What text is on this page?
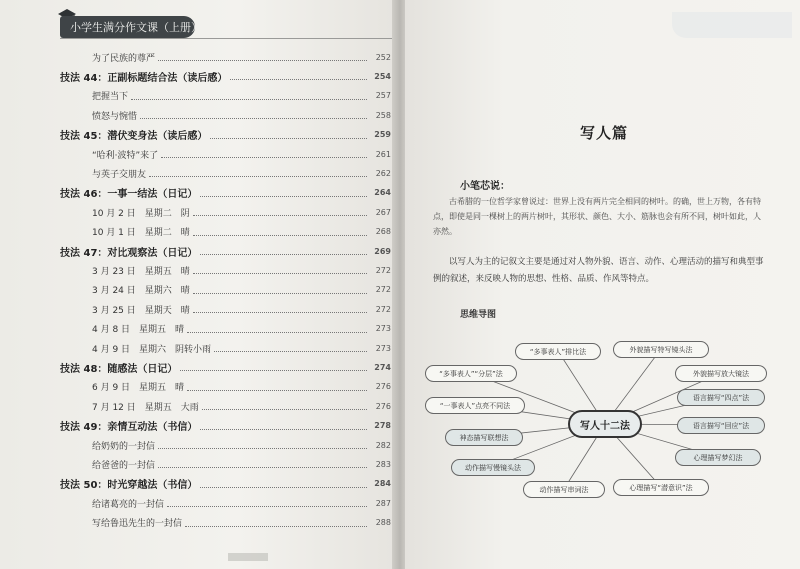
小学生满分作文课（上册）
为了民族的尊严	252
技法 44：正副标题结合法（读后感）	254
把握当下	257
愤怒与惋惜	258
技法 45：潜伏变身法（读后感）	259
“哈利·波特”来了	261
与英子交朋友	262
技法 46：一事一结法（日记）	264
10 月 2 日　星期二　阴	267
10 月 1 日　星期二　晴	268
技法 47：对比观察法（日记）	269
3 月 23 日　星期五　晴	272
3 月 24 日　星期六　晴	272
3 月 25 日　星期天　晴	272
4 月 8 日　星期五　晴	273
4 月 9 日　星期六　阴转小雨	273
技法 48：随感法（日记）	274
6 月 9 日　星期五　晴	276
7 月 12 日　星期五　大雨	276
技法 49：亲情互动法（书信）	278
给奶奶的一封信	282
给爸爸的一封信	283
技法 50：时光穿越法（书信）	284
给诸葛亮的一封信	287
写给鲁迅先生的一封信	288
写人篇
小笔芯说：
古希腊的一位哲学家曾说过：世界上没有两片完全相同的树叶。的确，世上万物，各有特点，即使是同一棵树上的两片树叶，其形状、颜色、大小、筋脉也会有所不同，树叶如此，人亦然。
以写人为主的记叙文主要是通过对人物外貌、语言、动作、心理活动的描写和典型事例的叙述，来反映人物的思想、性格、品质、作风等特点。
思维导图
写人十二法
“多事表人”排比法
“多事表人”“分层”法
“一事表人”点亮不同法
神态描写联想法
动作描写慢镜头法
动作描写串词法
外貌描写特写镜头法
外貌描写放大镜法
语言描写“四点”法
语言描写“回应”法
心理描写梦幻法
心理描写“潜意识”法
